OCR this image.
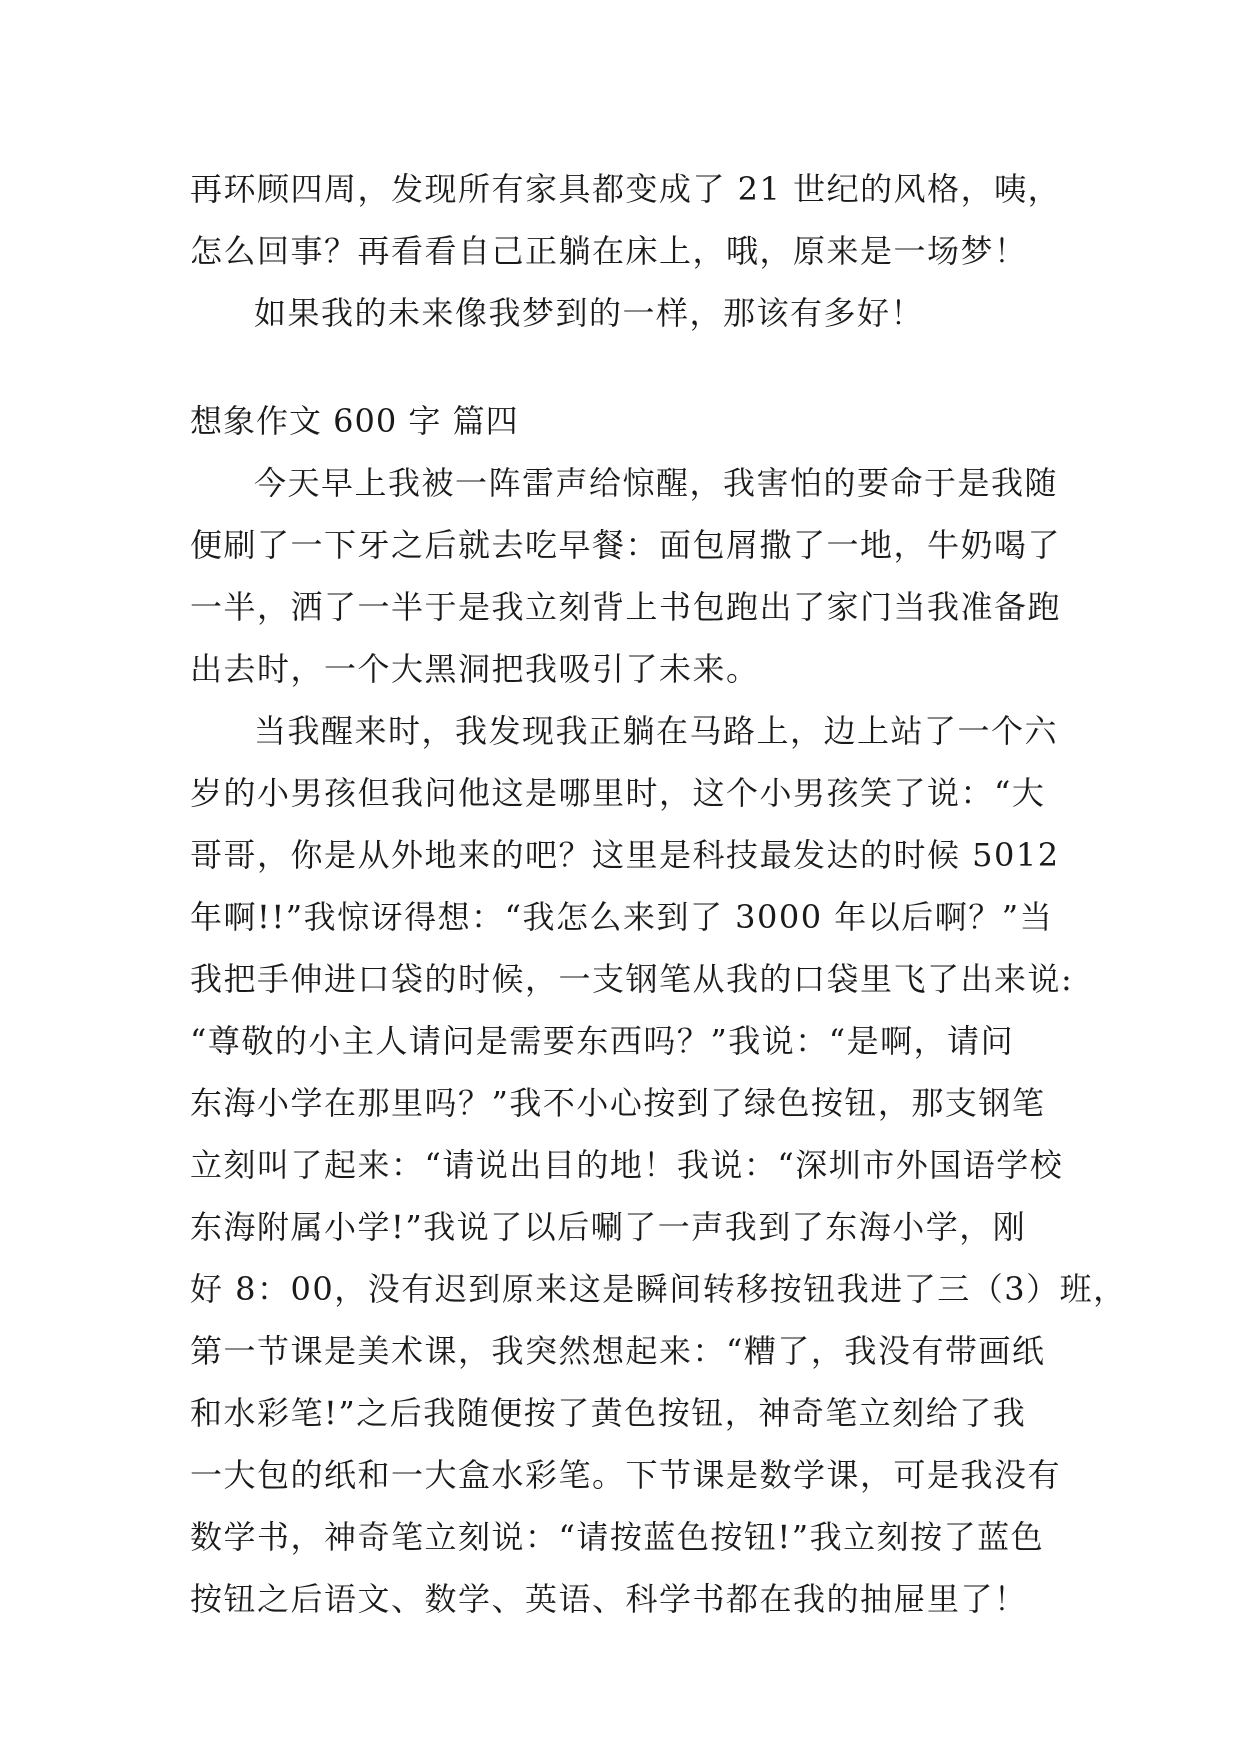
再环顾四周，发现所有家具都变成了 21 世纪的风格，咦，
怎么回事？再看看自己正躺在床上，哦，原来是一场梦！
如果我的未来像我梦到的一样，那该有多好！
想象作文 600 字 篇四
今天早上我被一阵雷声给惊醒，我害怕的要命于是我随
便刷了一下牙之后就去吃早餐：面包屑撒了一地，牛奶喝了
一半，洒了一半于是我立刻背上书包跑出了家门当我准备跑
出去时，一个大黑洞把我吸引了未来。
当我醒来时，我发现我正躺在马路上，边上站了一个六
岁的小男孩但我问他这是哪里时，这个小男孩笑了说：“大
哥哥，你是从外地来的吧？这里是科技最发达的时候 5012
年啊!!”我惊讶得想：“我怎么来到了 3000 年以后啊？”当
我把手伸进口袋的时候，一支钢笔从我的口袋里飞了出来说:
“尊敬的小主人请问是需要东西吗？”我说：“是啊，请问
东海小学在那里吗？”我不小心按到了绿色按钮，那支钢笔
立刻叫了起来：“请说出目的地！我说：“深圳市外国语学校
东海附属小学!”我说了以后唰了一声我到了东海小学，刚
好 8：00，没有迟到原来这是瞬间转移按钮我进了三（3）班，
第一节课是美术课，我突然想起来：“糟了，我没有带画纸
和水彩笔!”之后我随便按了黄色按钮，神奇笔立刻给了我
一大包的纸和一大盒水彩笔。下节课是数学课，可是我没有
数学书，神奇笔立刻说：“请按蓝色按钮!”我立刻按了蓝色
按钮之后语文、数学、英语、科学书都在我的抽屉里了！
